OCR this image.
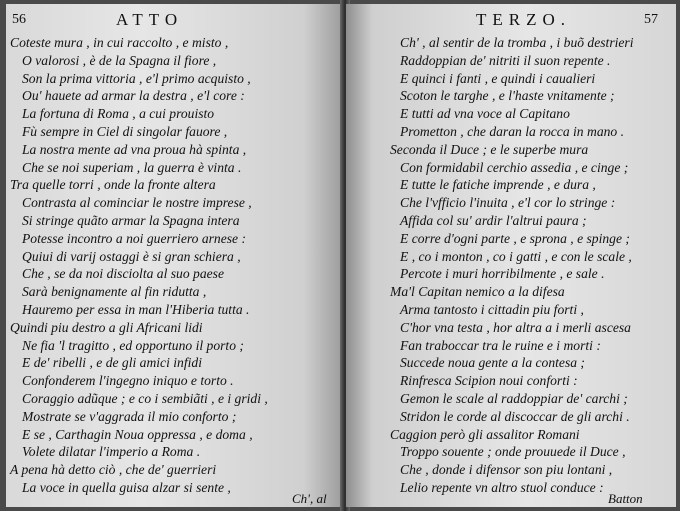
56	ATTO
Coteste mura , in cui raccolto , e misto ,
O valorosi , è de la Spagna il fiore ,
Son la prima vittoria , e'l primo acquisto ,
Ou' hauete ad armar la destra , e'l core :
La fortuna di Roma , a cui prouisto
Fù sempre in Ciel di singolar fauore ,
La nostra mente ad vna proua hà spinta ,
Che se noi superiam , la guerra è vinta .
Tra quelle torri , onde la fronte altera
Contrasta al cominciar le nostre imprese ,
Si stringe quãto armar la Spagna intera
Potesse incontro a noi guerriero arnese :
Quiui di varij ostaggi è si gran schiera ,
Che , se da noi disciolta al suo paese
Sarà benignamente al fin ridutta ,
Hauremo per essa in man l'Hiberia tutta .
Quindi piu destro a gli Africani lidi
Ne fia 'l tragitto , ed opportuno il porto ;
E de' ribelli , e de gli amici infidi
Confonderem l'ingegno iniquo e torto .
Coraggio adũque ; e co i sembiãti , e i gridi ,
Mostrate se v'aggrada il mio conforto ;
E se , Carthagin Noua oppressa , e doma ,
Volete dilatar l'imperio a Roma .
A pena hà detto ciò , che de' guerrieri
La voce in quella guisa alzar si sente ,
Ch', al
TERZO.	57
Ch' , al sentir de la tromba , i buõ destrieri
Raddoppian de' nitriti il suon repente .
E quinci i fanti , e quindi i caualieri
Scoton le targhe , e l'haste vnitamente ;
E tutti ad vna voce al Capitano
Prometton , che daran la rocca in mano .
Seconda il Duce ; e le superbe mura
Con formidabil cerchio assedia , e cinge ;
E tutte le fatiche imprende , e dura ,
Che l'vfficio l'inuita , e'l cor lo stringe :
Affida col su' ardir l'altrui paura ;
E corre d'ogni parte , e sprona , e spinge ;
E , co i monton , co i gatti , e con le scale ,
Percote i muri horribilmente , e sale .
Ma'l Capitan nemico a la difesa
Arma tantosto i cittadin piu forti ,
C'hor vna testa , hor altra a i merli ascesa
Fan traboccar tra le ruine e i morti :
Succede noua gente a la contesa ;
Rinfresca Scipion noui conforti :
Gemon le scale al raddoppiar de' carchi ;
Stridon le corde al discoccar de gli archi .
Caggion però gli assalitor Romani
Troppo souente ; onde prouuede il Duce ,
Che , donde i difensor son piu lontani ,
Lelio repente vn altro stuol conduce :
Batton
